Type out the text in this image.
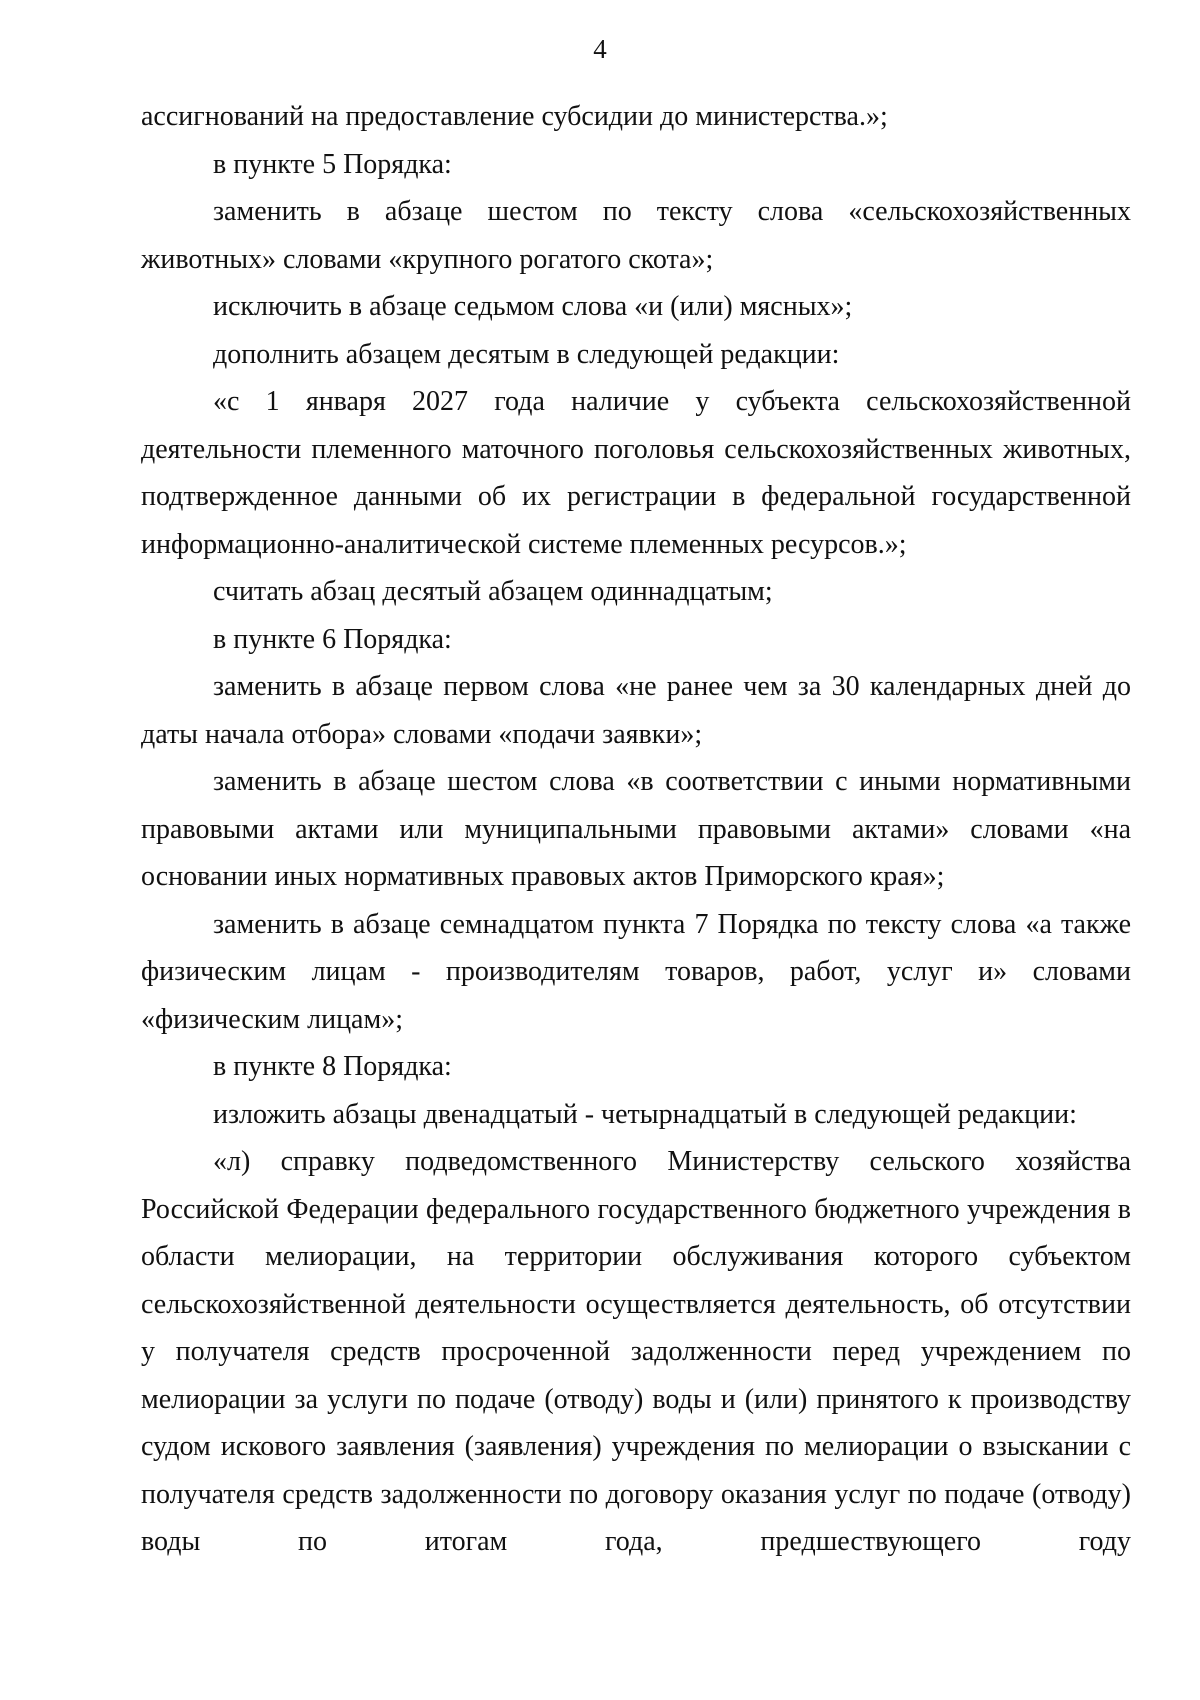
4

ассигнований на предоставление субсидии до министерства.»;

в пункте 5 Порядка:

заменить в абзаце шестом по тексту слова «сельскохозяйственных животных» словами «крупного рогатого скота»;

исключить в абзаце седьмом слова «и (или) мясных»;

дополнить абзацем десятым в следующей редакции:

«с 1 января 2027 года наличие у субъекта сельскохозяйственной деятельности племенного маточного поголовья сельскохозяйственных животных, подтвержденное данными об их регистрации в федеральной государственной информационно-аналитической системе племенных ресурсов.»;

считать абзац десятый абзацем одиннадцатым;

в пункте 6 Порядка:

заменить в абзаце первом слова «не ранее чем за 30 календарных дней до даты начала отбора» словами «подачи заявки»;

заменить в абзаце шестом слова «в соответствии с иными нормативными правовыми актами или муниципальными правовыми актами» словами «на основании иных нормативных правовых актов Приморского края»;

заменить в абзаце семнадцатом пункта 7 Порядка по тексту слова «а также физическим лицам - производителям товаров, работ, услуг и» словами «физическим лицам»;

в пункте 8 Порядка:

изложить абзацы двенадцатый - четырнадцатый в следующей редакции:

«л) справку подведомственного Министерству сельского хозяйства Российской Федерации федерального государственного бюджетного учреждения в области мелиорации, на территории обслуживания которого субъектом сельскохозяйственной деятельности осуществляется деятельность, об отсутствии у получателя средств просроченной задолженности перед учреждением по мелиорации за услуги по подаче (отводу) воды и (или) принятого к производству судом искового заявления (заявления) учреждения по мелиорации о взыскании с получателя средств задолженности по договору оказания услуг по подаче (отводу) воды по итогам года, предшествующего году
